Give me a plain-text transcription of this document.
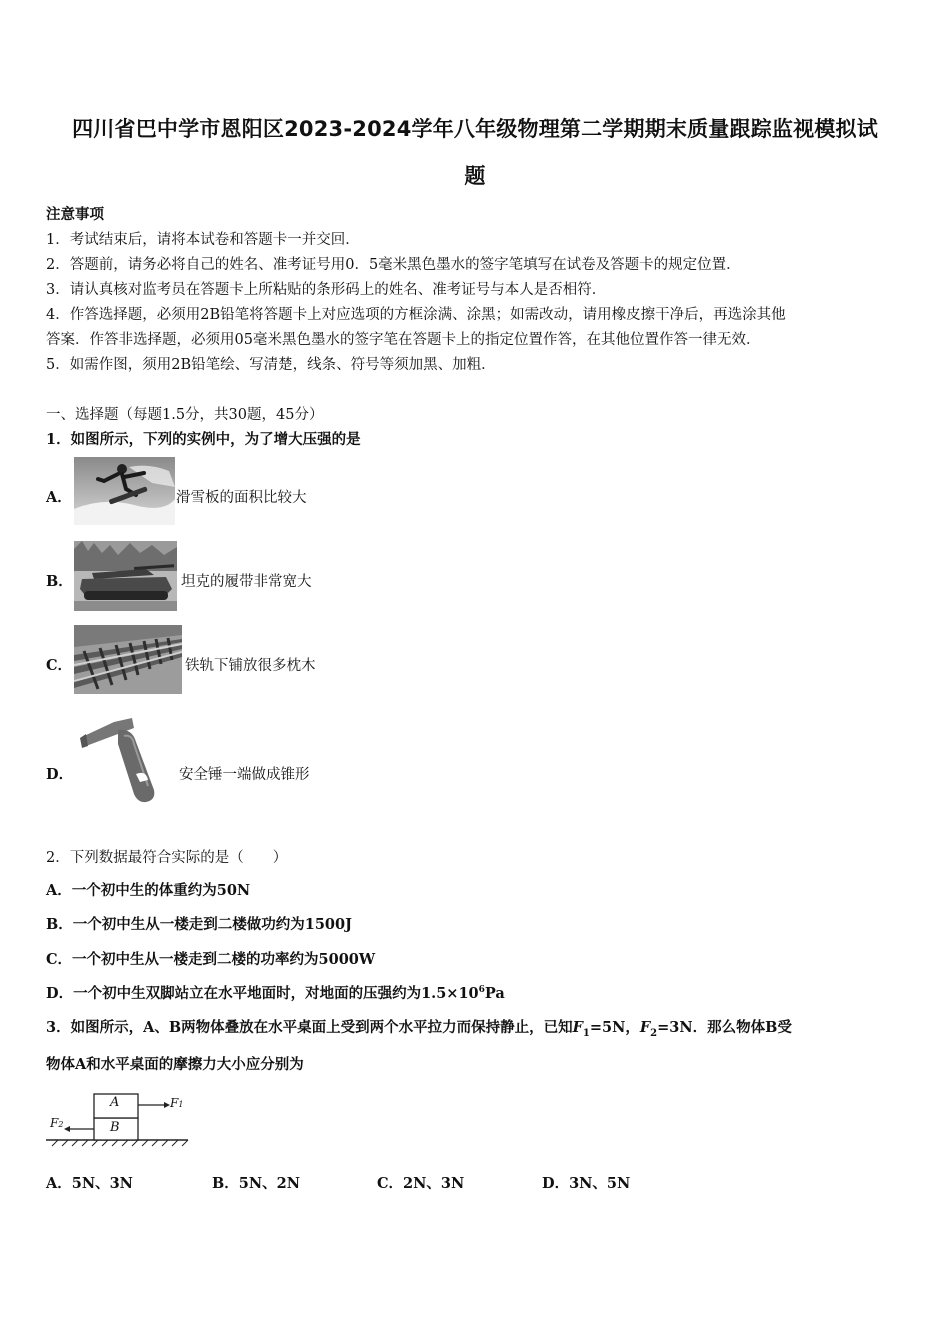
四川省巴中学市恩阳区2023-2024学年八年级物理第二学期期末质量跟踪监视模拟试
题
注意事项
1．考试结束后，请将本试卷和答题卡一并交回．
2．答题前，请务必将自己的姓名、准考证号用0．5毫米黑色墨水的签字笔填写在试卷及答题卡的规定位置．
3．请认真核对监考员在答题卡上所粘贴的条形码上的姓名、准考证号与本人是否相符．
4．作答选择题，必须用2B铅笔将答题卡上对应选项的方框涂满、涂黑；如需改动，请用橡皮擦干净后，再选涂其他
答案．作答非选择题，必须用05毫米黑色墨水的签字笔在答题卡上的指定位置作答，在其他位置作答一律无效．
5．如需作图，须用2B铅笔绘、写清楚，线条、符号等须加黑、加粗．
一、选择题（每题1.5分，共30题，45分）
1．如图所示，下列的实例中，为了增大压强的是
A．	滑雪板的面积比较大
B．	坦克的履带非常宽大
C．	铁轨下铺放很多枕木
D．	安全锤一端做成锥形
2．下列数据最符合实际的是（　　）
A．一个初中生的体重约为50N
B．一个初中生从一楼走到二楼做功约为1500J
C．一个初中生从一楼走到二楼的功率约为5000W
D．一个初中生双脚站立在水平地面时，对地面的压强约为$1.5\times 10^6Pa$
3．如图所示，A、B两物体叠放在水平桌面上受到两个水平拉力而保持静止，已知$F_1=5N$，$F_2=3N$．那么物体B受
物体A和水平桌面的摩擦力大小应分别为
A
B
F1
F2
A．5N、3N	B．5N、2N	C．2N、3N	D．3N、5N
